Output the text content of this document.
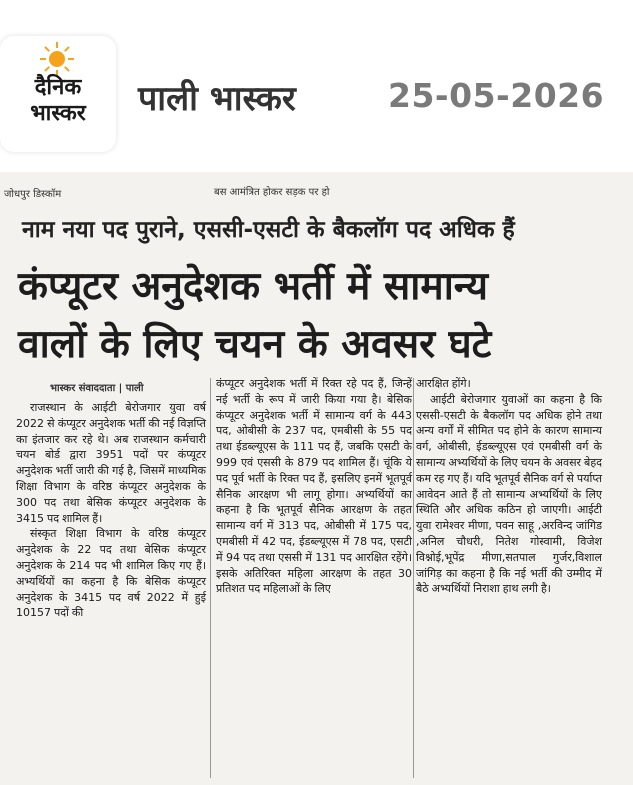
दैनिक
भास्कर	पाली भास्कर	25-05-2026
जोधपुर डिस्कॉम	बस आमंत्रित होकर सड़क पर हो
नाम नया पद पुराने, एससी-एसटी के बैकलॉग पद अधिक हैं
कंप्यूटर अनुदेशक भर्ती में सामान्य
वालों के लिए चयन के अवसर घटे
भास्कर संवाददाता | पाली

राजस्थान के आईटी बेरोजगार युवा वर्ष 2022 से कंप्यूटर अनुदेशक भर्ती की नई विज्ञप्ति का इंतजार कर रहे थे। अब राजस्थान कर्मचारी चयन बोर्ड द्वारा 3951 पदों पर कंप्यूटर अनुदेशक भर्ती जारी की गई है, जिसमें माध्यमिक शिक्षा विभाग के वरिष्ठ कंप्यूटर अनुदेशक के 300 पद तथा बेसिक कंप्यूटर अनुदेशक के 3415 पद शामिल हैं।

संस्कृत शिक्षा विभाग के वरिष्ठ कंप्यूटर अनुदेशक के 22 पद तथा बेसिक कंप्यूटर अनुदेशक के 214 पद भी शामिल किए गए हैं। अभ्यर्थियों का कहना है कि बेसिक कंप्यूटर अनुदेशक के 3415 पद वर्ष 2022 में हुई 10157 पदों की

कंप्यूटर अनुदेशक भर्ती में रिक्त रहे पद हैं, जिन्हें नई भर्ती के रूप में जारी किया गया है। बेसिक कंप्यूटर अनुदेशक भर्ती में सामान्य वर्ग के 443 पद, ओबीसी के 237 पद, एमबीसी के 55 पद तथा ईडब्ल्यूएस के 111 पद हैं, जबकि एसटी के 999 एवं एससी के 879 पद शामिल हैं। चूंकि ये पद पूर्व भर्ती के रिक्त पद हैं, इसलिए इनमें भूतपूर्व सैनिक आरक्षण भी लागू होगा। अभ्यर्थियों का कहना है कि भूतपूर्व सैनिक आरक्षण के तहत सामान्य वर्ग में 313 पद, ओबीसी में 175 पद, एमबीसी में 42 पद, ईडब्ल्यूएस में 78 पद, एसटी में 94 पद तथा एससी में 131 पद आरक्षित रहेंगे। इसके अतिरिक्त महिला आरक्षण के तहत 30 प्रतिशत पद महिलाओं के लिए

आरक्षित होंगे।

आईटी बेरोजगार युवाओं का कहना है कि एससी-एसटी के बैकलॉग पद अधिक होने तथा अन्य वर्गों में सीमित पद होने के कारण सामान्य वर्ग, ओबीसी, ईडब्ल्यूएस एवं एमबीसी वर्ग के सामान्य अभ्यर्थियों के लिए चयन के अवसर बेहद कम रह गए हैं। यदि भूतपूर्व सैनिक वर्ग से पर्याप्त आवेदन आते हैं तो सामान्य अभ्यर्थियों के लिए स्थिति और अधिक कठिन हो जाएगी। आईटी युवा रामेश्वर मीणा, पवन साहू ,अरविन्द जांगिड ,अनिल चौधरी, नितेश गोस्वामी, विजेश विश्नोई,भूपेंद्र मीणा,सतपाल गुर्जर,विशाल जांगिड़ का कहना है कि नई भर्ती की उम्मीद में बैठे अभ्यर्थियों निराशा हाथ लगी है।
